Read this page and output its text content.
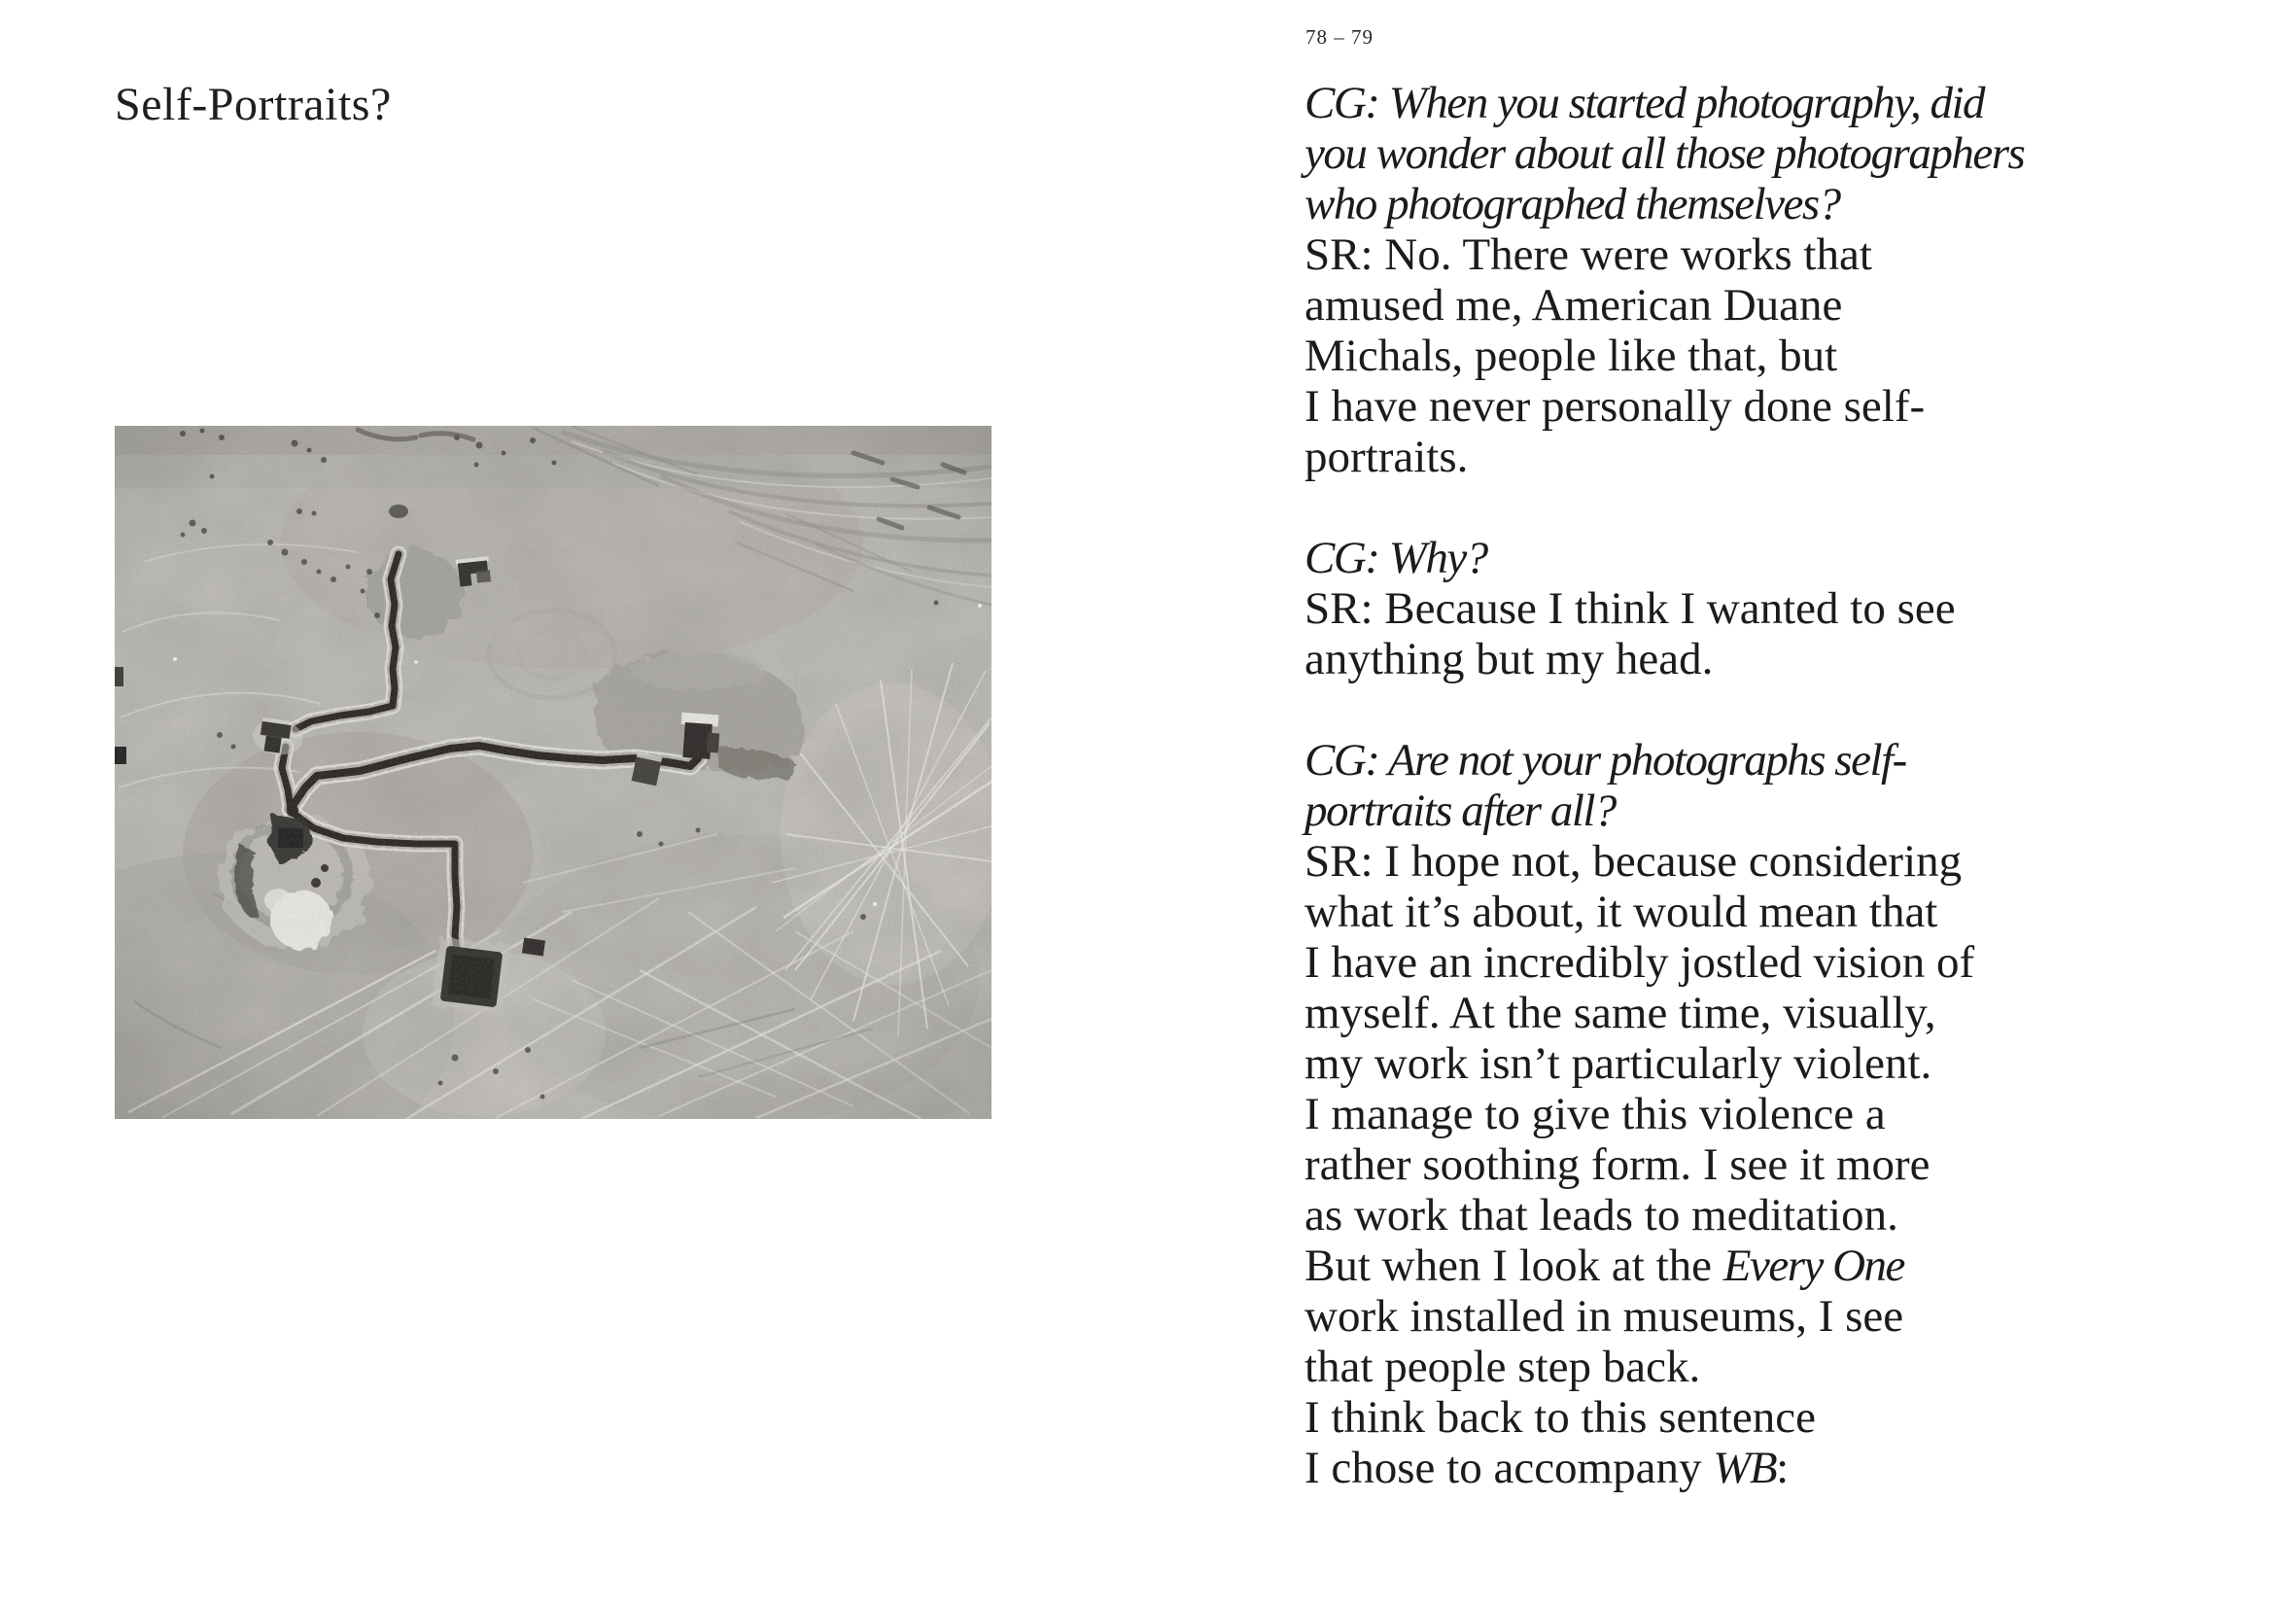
Self-Portraits?
78 – 79
CG: When you started photography, did
you wonder about all those photographers
who photographed themselves?
SR: No. There were works that
amused me, American Duane
Michals, people like that, but
I have never personally done self-
portraits.
CG: Why?
SR: Because I think I wanted to see
anything but my head.
CG: Are not your photographs self-
portraits after all?
SR: I hope not, because considering
what it’s about, it would mean that
I have an incredibly jostled vision of
myself. At the same time, visually,
my work isn’t particularly violent.
I manage to give this violence a
rather soothing form. I see it more
as work that leads to meditation.
But when I look at the Every One
work installed in museums, I see
that people step back.
I think back to this sentence
I chose to accompany WB:
